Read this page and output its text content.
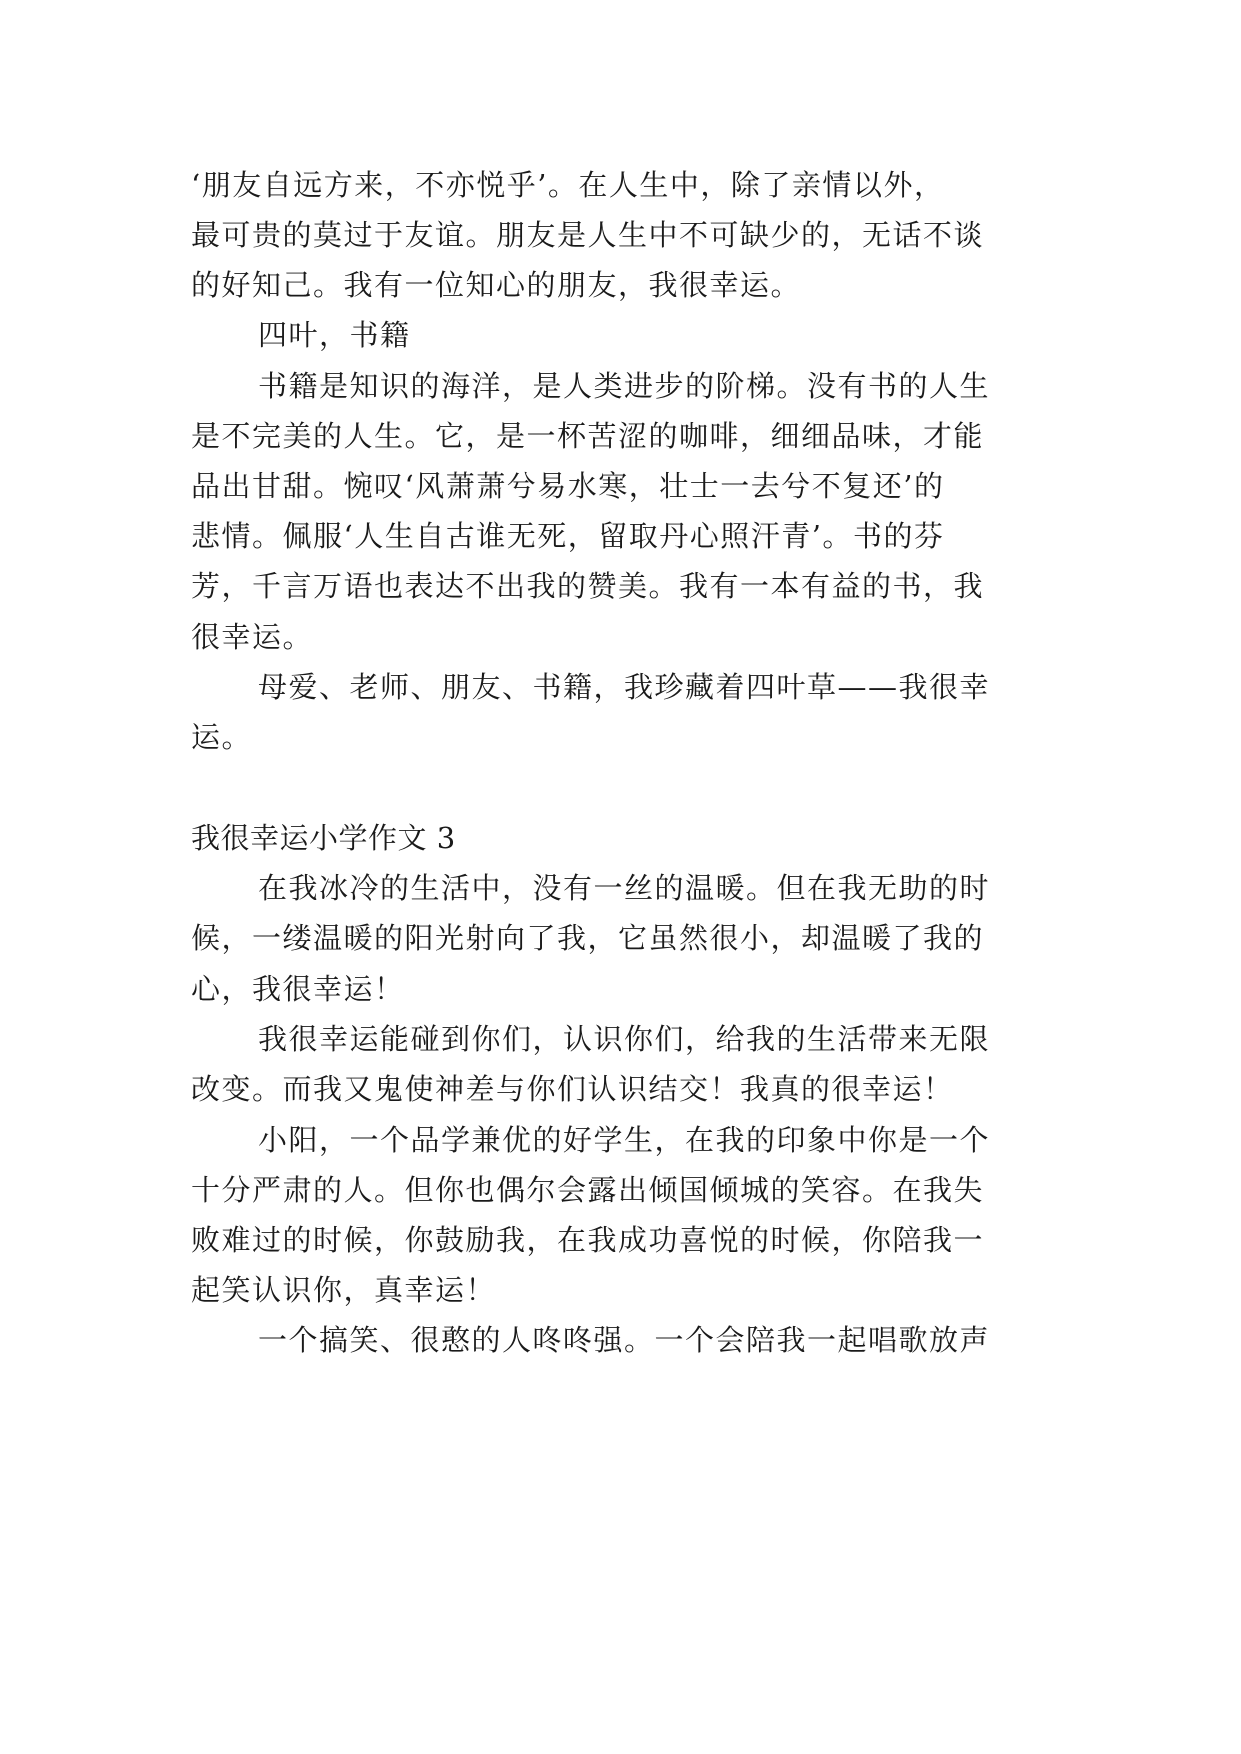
‘朋友自远方来，不亦悦乎’。在人生中，除了亲情以外，
最可贵的莫过于友谊。朋友是人生中不可缺少的，无话不谈
的好知己。我有一位知心的朋友，我很幸运。
四叶，书籍
书籍是知识的海洋，是人类进步的阶梯。没有书的人生
是不完美的人生。它，是一杯苦涩的咖啡，细细品味，才能
品出甘甜。惋叹‘风萧萧兮易水寒，壮士一去兮不复还’的
悲情。佩服‘人生自古谁无死，留取丹心照汗青’。书的芬
芳，千言万语也表达不出我的赞美。我有一本有益的书，我
很幸运。
母爱、老师、朋友、书籍，我珍藏着四叶草——我很幸
运。
我很幸运小学作文 3
在我冰冷的生活中，没有一丝的温暖。但在我无助的时
候，一缕温暖的阳光射向了我，它虽然很小，却温暖了我的
心，我很幸运！
我很幸运能碰到你们，认识你们，给我的生活带来无限
改变。而我又鬼使神差与你们认识结交！我真的很幸运！
小阳，一个品学兼优的好学生，在我的印象中你是一个
十分严肃的人。但你也偶尔会露出倾国倾城的笑容。在我失
败难过的时候，你鼓励我，在我成功喜悦的时候，你陪我一
起笑认识你，真幸运！
一个搞笑、很憨的人咚咚强。一个会陪我一起唱歌放声
